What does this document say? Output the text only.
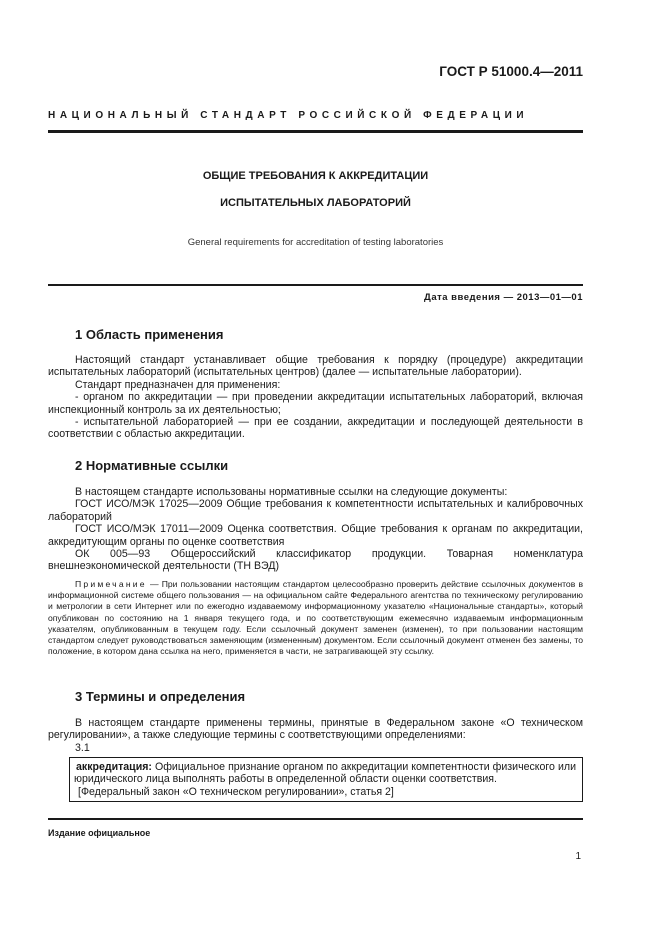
ГОСТ Р 51000.4—2011
НАЦИОНАЛЬНЫЙ СТАНДАРТ РОССИЙСКОЙ ФЕДЕРАЦИИ
ОБЩИЕ ТРЕБОВАНИЯ К АККРЕДИТАЦИИ
ИСПЫТАТЕЛЬНЫХ ЛАБОРАТОРИЙ
General requirements for accreditation of testing laboratories
Дата введения — 2013—01—01
1 Область применения

Настоящий стандарт устанавливает общие требования к порядку (процедуре) аккредитации испытательных лабораторий (испытательных центров) (далее — испытательные лаборатории).

Стандарт предназначен для применения:

- органом по аккредитации — при проведении аккредитации испытательных лабораторий, включая инспекционный контроль за их деятельностью;

- испытательной лабораторией — при ее создании, аккредитации и последующей деятельности в соответствии с областью аккредитации.

2 Нормативные ссылки

В настоящем стандарте использованы нормативные ссылки на следующие документы:

ГОСТ ИСО/МЭК 17025—2009 Общие требования к компетентности испытательных и калибровочных лабораторий

ГОСТ ИСО/МЭК 17011—2009 Оценка соответствия. Общие требования к органам по аккредитации, аккредитующим органы по оценке соответствия

ОК 005—93 Общероссийский классификатор продукции. Товарная номенклатура внешнеэкономической деятельности (ТН ВЭД)

Примечание — При пользовании настоящим стандартом целесообразно проверить действие ссылочных документов в информационной системе общего пользования — на официальном сайте Федерального агентства по техническому регулированию и метрологии в сети Интернет или по ежегодно издаваемому информационному указателю «Национальные стандарты», который опубликован по состоянию на 1 января текущего года, и по соответствующим ежемесячно издаваемым информационным указателям, опубликованным в текущем году. Если ссылочный документ заменен (изменен), то при пользовании настоящим стандартом следует руководствоваться заменяющим (измененным) документом. Если ссылочный документ отменен без замены, то положение, в котором дана ссылка на него, применяется в части, не затрагивающей эту ссылку.

3 Термины и определения

В настоящем стандарте применены термины, принятые в Федеральном законе «О техническом регулировании», а также следующие термины с соответствующими определениями:

3.1

аккредитация: Официальное признание органом по аккредитации компетентности физического или юридического лица выполнять работы в определенной области оценки соответствия.

[Федеральный закон «О техническом регулировании», статья 2]

Издание официальное
1
